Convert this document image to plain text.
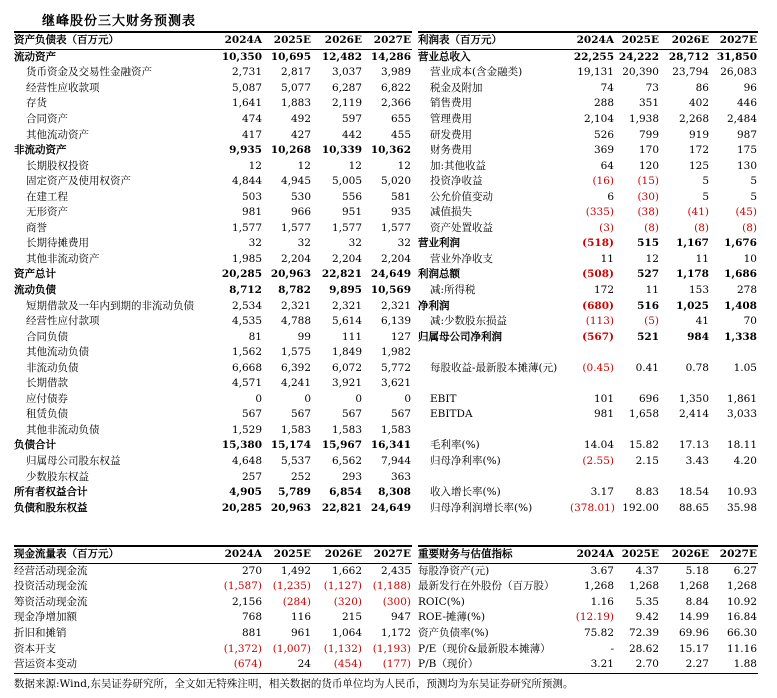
继峰股份三大财务预测表
资产负债表（百万元）	2024A	2025E	2026E	2027E
流动资产	10,350	10,695	12,482	14,286
货币资金及交易性金融资产	2,731	2,817	3,037	3,989
经营性应收款项	5,087	5,077	6,287	6,822
存货	1,641	1,883	2,119	2,366
合同资产	474	492	597	655
其他流动资产	417	427	442	455
非流动资产	9,935	10,268	10,339	10,362
长期股权投资	12	12	12	12
固定资产及使用权资产	4,844	4,945	5,005	5,020
在建工程	503	530	556	581
无形资产	981	966	951	935
商誉	1,577	1,577	1,577	1,577
长期待摊费用	32	32	32	32
其他非流动资产	1,985	2,204	2,204	2,204
资产总计	20,285	20,963	22,821	24,649
流动负债	8,712	8,782	9,895	10,569
短期借款及一年内到期的非流动负债	2,534	2,321	2,321	2,321
经营性应付款项	4,535	4,788	5,614	6,139
合同负债	81	99	111	127
其他流动负债	1,562	1,575	1,849	1,982
非流动负债	6,668	6,392	6,072	5,772
长期借款	4,571	4,241	3,921	3,621
应付债券	0	0	0	0
租赁负债	567	567	567	567
其他非流动负债	1,529	1,583	1,583	1,583
负债合计	15,380	15,174	15,967	16,341
归属母公司股东权益	4,648	5,537	6,562	7,944
少数股东权益	257	252	293	363
所有者权益合计	4,905	5,789	6,854	8,308
负债和股东权益	20,285	20,963	22,821	24,649
利润表（百万元）	2024A	2025E	2026E	2027E
营业总收入	22,255	24,222	28,712	31,850
营业成本(含金融类)	19,131	20,390	23,794	26,083
税金及附加	74	73	86	96
销售费用	288	351	402	446
管理费用	2,104	1,938	2,268	2,484
研发费用	526	799	919	987
财务费用	369	170	172	175
加:其他收益	64	120	125	130
投资净收益	(16)	(15)	5	5
公允价值变动	6	(30)	5	5
减值损失	(335)	(38)	(41)	(45)
资产处置收益	(3)	(8)	(8)	(8)
营业利润	(518)	515	1,167	1,676
营业外净收支	11	12	11	10
利润总额	(508)	527	1,178	1,686
减:所得税	172	11	153	278
净利润	(680)	516	1,025	1,408
减:少数股东损益	(113)	(5)	41	70
归属母公司净利润	(567)	521	984	1,338

每股收益-最新股本摊薄(元)	(0.45)	0.41	0.78	1.05

EBIT	101	696	1,350	1,861
EBITDA	981	1,658	2,414	3,033

毛利率(%)	14.04	15.82	17.13	18.11
归母净利率(%)	(2.55)	2.15	3.43	4.20

收入增长率(%)	3.17	8.83	18.54	10.93
归母净利润增长率(%)	(378.01)	192.00	88.65	35.98
现金流量表（百万元）	2024A	2025E	2026E	2027E
经营活动现金流	270	1,492	1,662	2,435
投资活动现金流	(1,587)	(1,235)	(1,127)	(1,188)
筹资活动现金流	2,156	(284)	(320)	(300)
现金净增加额	768	116	215	947
折旧和摊销	881	961	1,064	1,172
资本开支	(1,372)	(1,007)	(1,132)	(1,193)
营运资本变动	(674)	24	(454)	(177)
重要财务与估值指标	2024A	2025E	2026E	2027E
每股净资产(元)	3.67	4.37	5.18	6.27
最新发行在外股份（百万股）	1,268	1,268	1,268	1,268
ROIC(%)	1.16	5.35	8.84	10.92
ROE-摊薄(%)	(12.19)	9.42	14.99	16.84
资产负债率(%)	75.82	72.39	69.96	66.30
P/E（现价&最新股本摊薄）	-	28.62	15.17	11.16
P/B（现价）	3.21	2.70	2.27	1.88
数据来源:Wind,东吴证券研究所，全文如无特殊注明，相关数据的货币单位均为人民币，预测均为东吴证券研究所预测。
